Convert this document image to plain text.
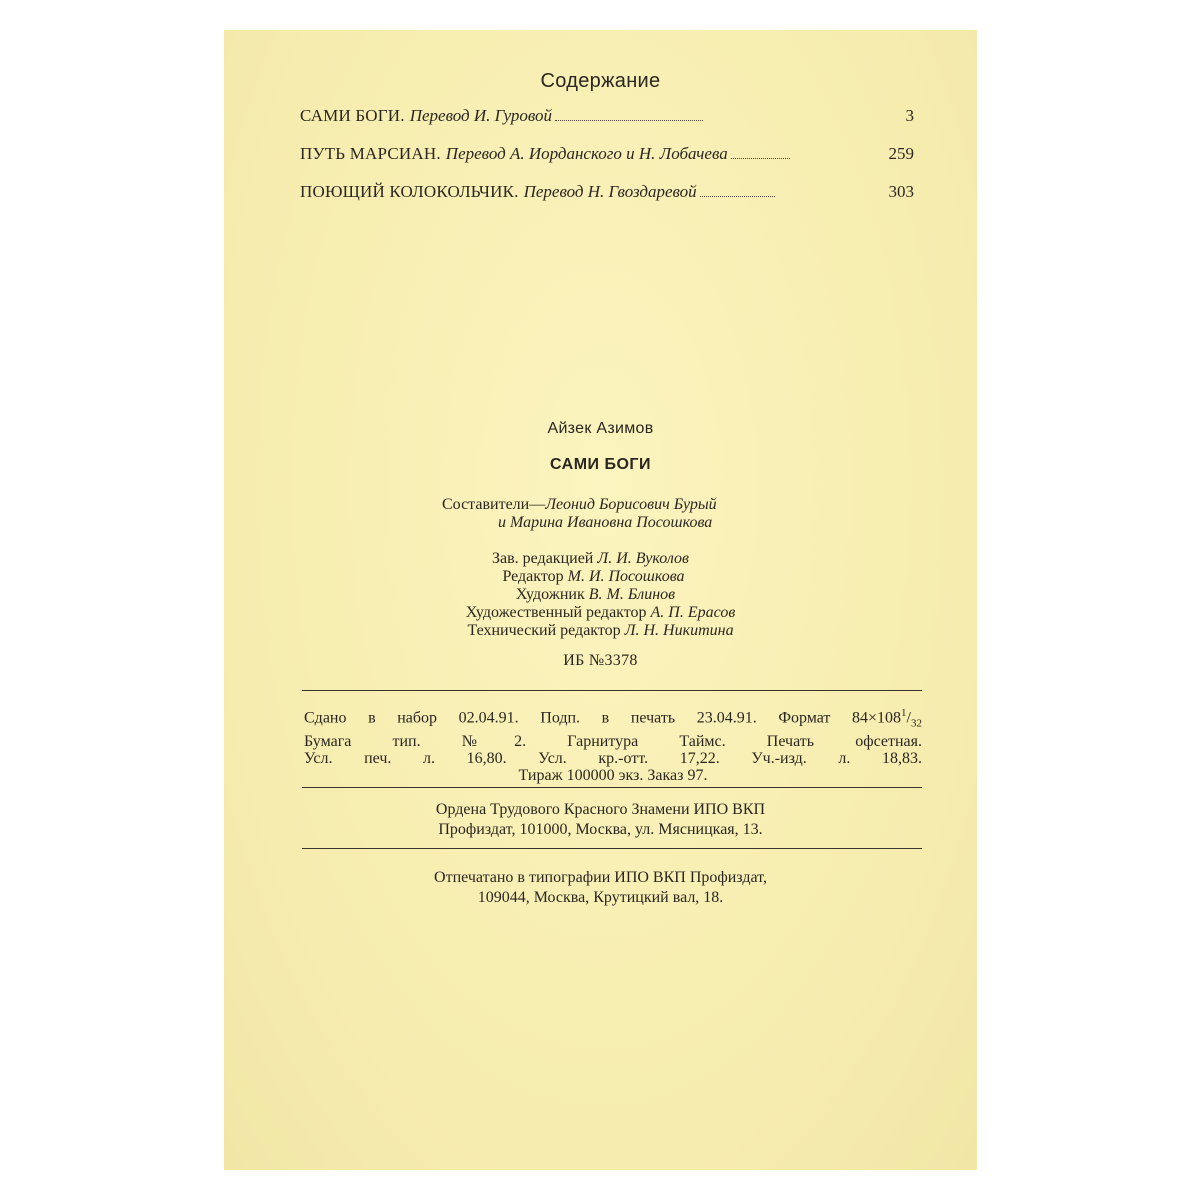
Содержание
САМИ БОГИ. Перевод И. Гуровой	3
ПУТЬ МАРСИАН. Перевод А. Иорданского и Н. Лобачева	259
ПОЮЩИЙ КОЛОКОЛЬЧИК. Перевод Н. Гвоздаревой	303
Айзек Азимов
САМИ БОГИ
Составители—Леонид Борисович Бурый
и Марина Ивановна Посошкова
Зав. редакцией Л. И. Вуколов
Редактор М. И. Посошкова
Художник В. М. Блинов
Художественный редактор А. П. Ерасов
Технический редактор Л. Н. Никитина
ИБ №3378
Сдано в набор 02.04.91. Подп. в печать 23.04.91. Формат $84\times 108^1/_{32}$
Бумага тип. №2. Гарнитура Таймс. Печать офсетная.
Усл. печ. л. 16,80. Усл. кр.-отт. 17,22. Уч.-изд. л. 18,83.
Тираж 100000 экз. Заказ 97.
Ордена Трудового Красного Знамени ИПО ВКП
Профиздат, 101000, Москва, ул. Мясницкая, 13.
Отпечатано в типографии ИПО ВКП Профиздат,
109044, Москва, Крутицкий вал, 18.
